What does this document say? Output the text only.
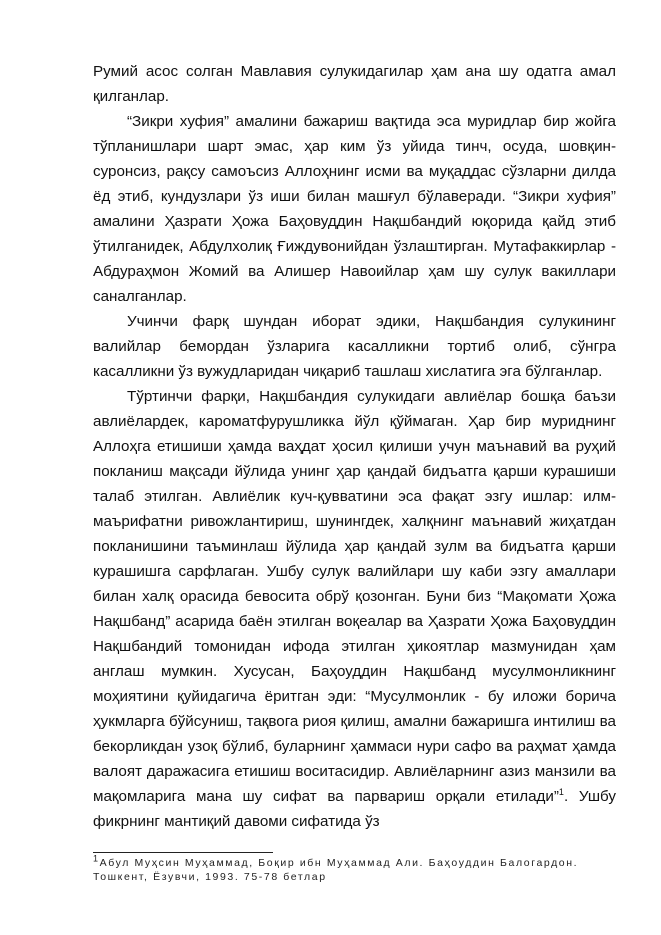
Румий асос солган Мавлавия сулукидагилар ҳам ана шу одатга амал қилганлар.

“Зикри хуфия” амалини бажариш вақтида эса муридлар бир жойга тўпланишлари шарт эмас, ҳар ким ўз уйида тинч, осуда, шовқин-суронсиз, рақсу самоъсиз Аллоҳнинг исми ва муқаддас сўзларни дилда ёд этиб, кундузлари ўз иши билан машғул бўлаверади. “Зикри хуфия” амалини Ҳазрати Ҳожа Баҳовуддин Нақшбандий юқорида қайд этиб ўтилганидек, Абдулхолиқ Ғиждувонийдан ўзлаштирган. Мутафаккирлар - Абдураҳмон Жомий ва Алишер Навоийлар ҳам шу сулук вакиллари саналганлар.

Учинчи фарқ шундан иборат эдики, Нақшбандия сулукининг валийлар бемордан ўзларига касалликни тортиб олиб, сўнгра касалликни ўз вужудларидан чиқариб ташлаш хислатига эга бўлганлар.

Тўртинчи фарқи, Нақшбандия сулукидаги авлиёлар бошқа баъзи авлиёлардек, кароматфурушликка йўл қўймаган. Ҳар бир муриднинг Аллоҳга етишиши ҳамда ваҳдат ҳосил қилиши учун маънавий ва руҳий покланиш мақсади йўлида унинг ҳар қандай бидъатга қарши курашиши талаб этилган. Авлиёлик куч-қувватини эса фақат эзгу ишлар: илм-маърифатни ривожлантириш, шунингдек, халқнинг маънавий жиҳатдан покланишини таъминлаш йўлида ҳар қандай зулм ва бидъатга қарши курашишга сарфлаган. Ушбу сулук валийлари шу каби эзгу амаллари билан халқ орасида бевосита обрў қозонган. Буни биз “Мақомати Ҳожа Нақшбанд” асарида баён этилган воқеалар ва Ҳазрати Ҳожа Баҳовуддин Нақшбандий томонидан ифода этилган ҳикоятлар мазмунидан ҳам англаш мумкин. Хусусан, Баҳоуддин Нақшбанд мусулмонликнинг моҳиятини қуйидагича ёритган эди: “Мусулмонлик - бу иложи борича ҳукмларга бўйсуниш, тақвога риоя қилиш, амални бажаришга интилиш ва бекорликдан узоқ бўлиб, буларнинг ҳаммаси нури сафо ва раҳмат ҳамда валоят даражасига етишиш воситасидир. Авлиёларнинг азиз манзили ва мақомларига мана шу сифат ва парвариш орқали етилади”$^1$. Ушбу фикрнинг мантиқий давоми сифатида ўз

$^1$Абул Муҳсин Муҳаммад, Боқир ибн Муҳаммад Али. Баҳоуддин Балогардон.
Тошкент, Ёзувчи, 1993. 75-78 бетлар
